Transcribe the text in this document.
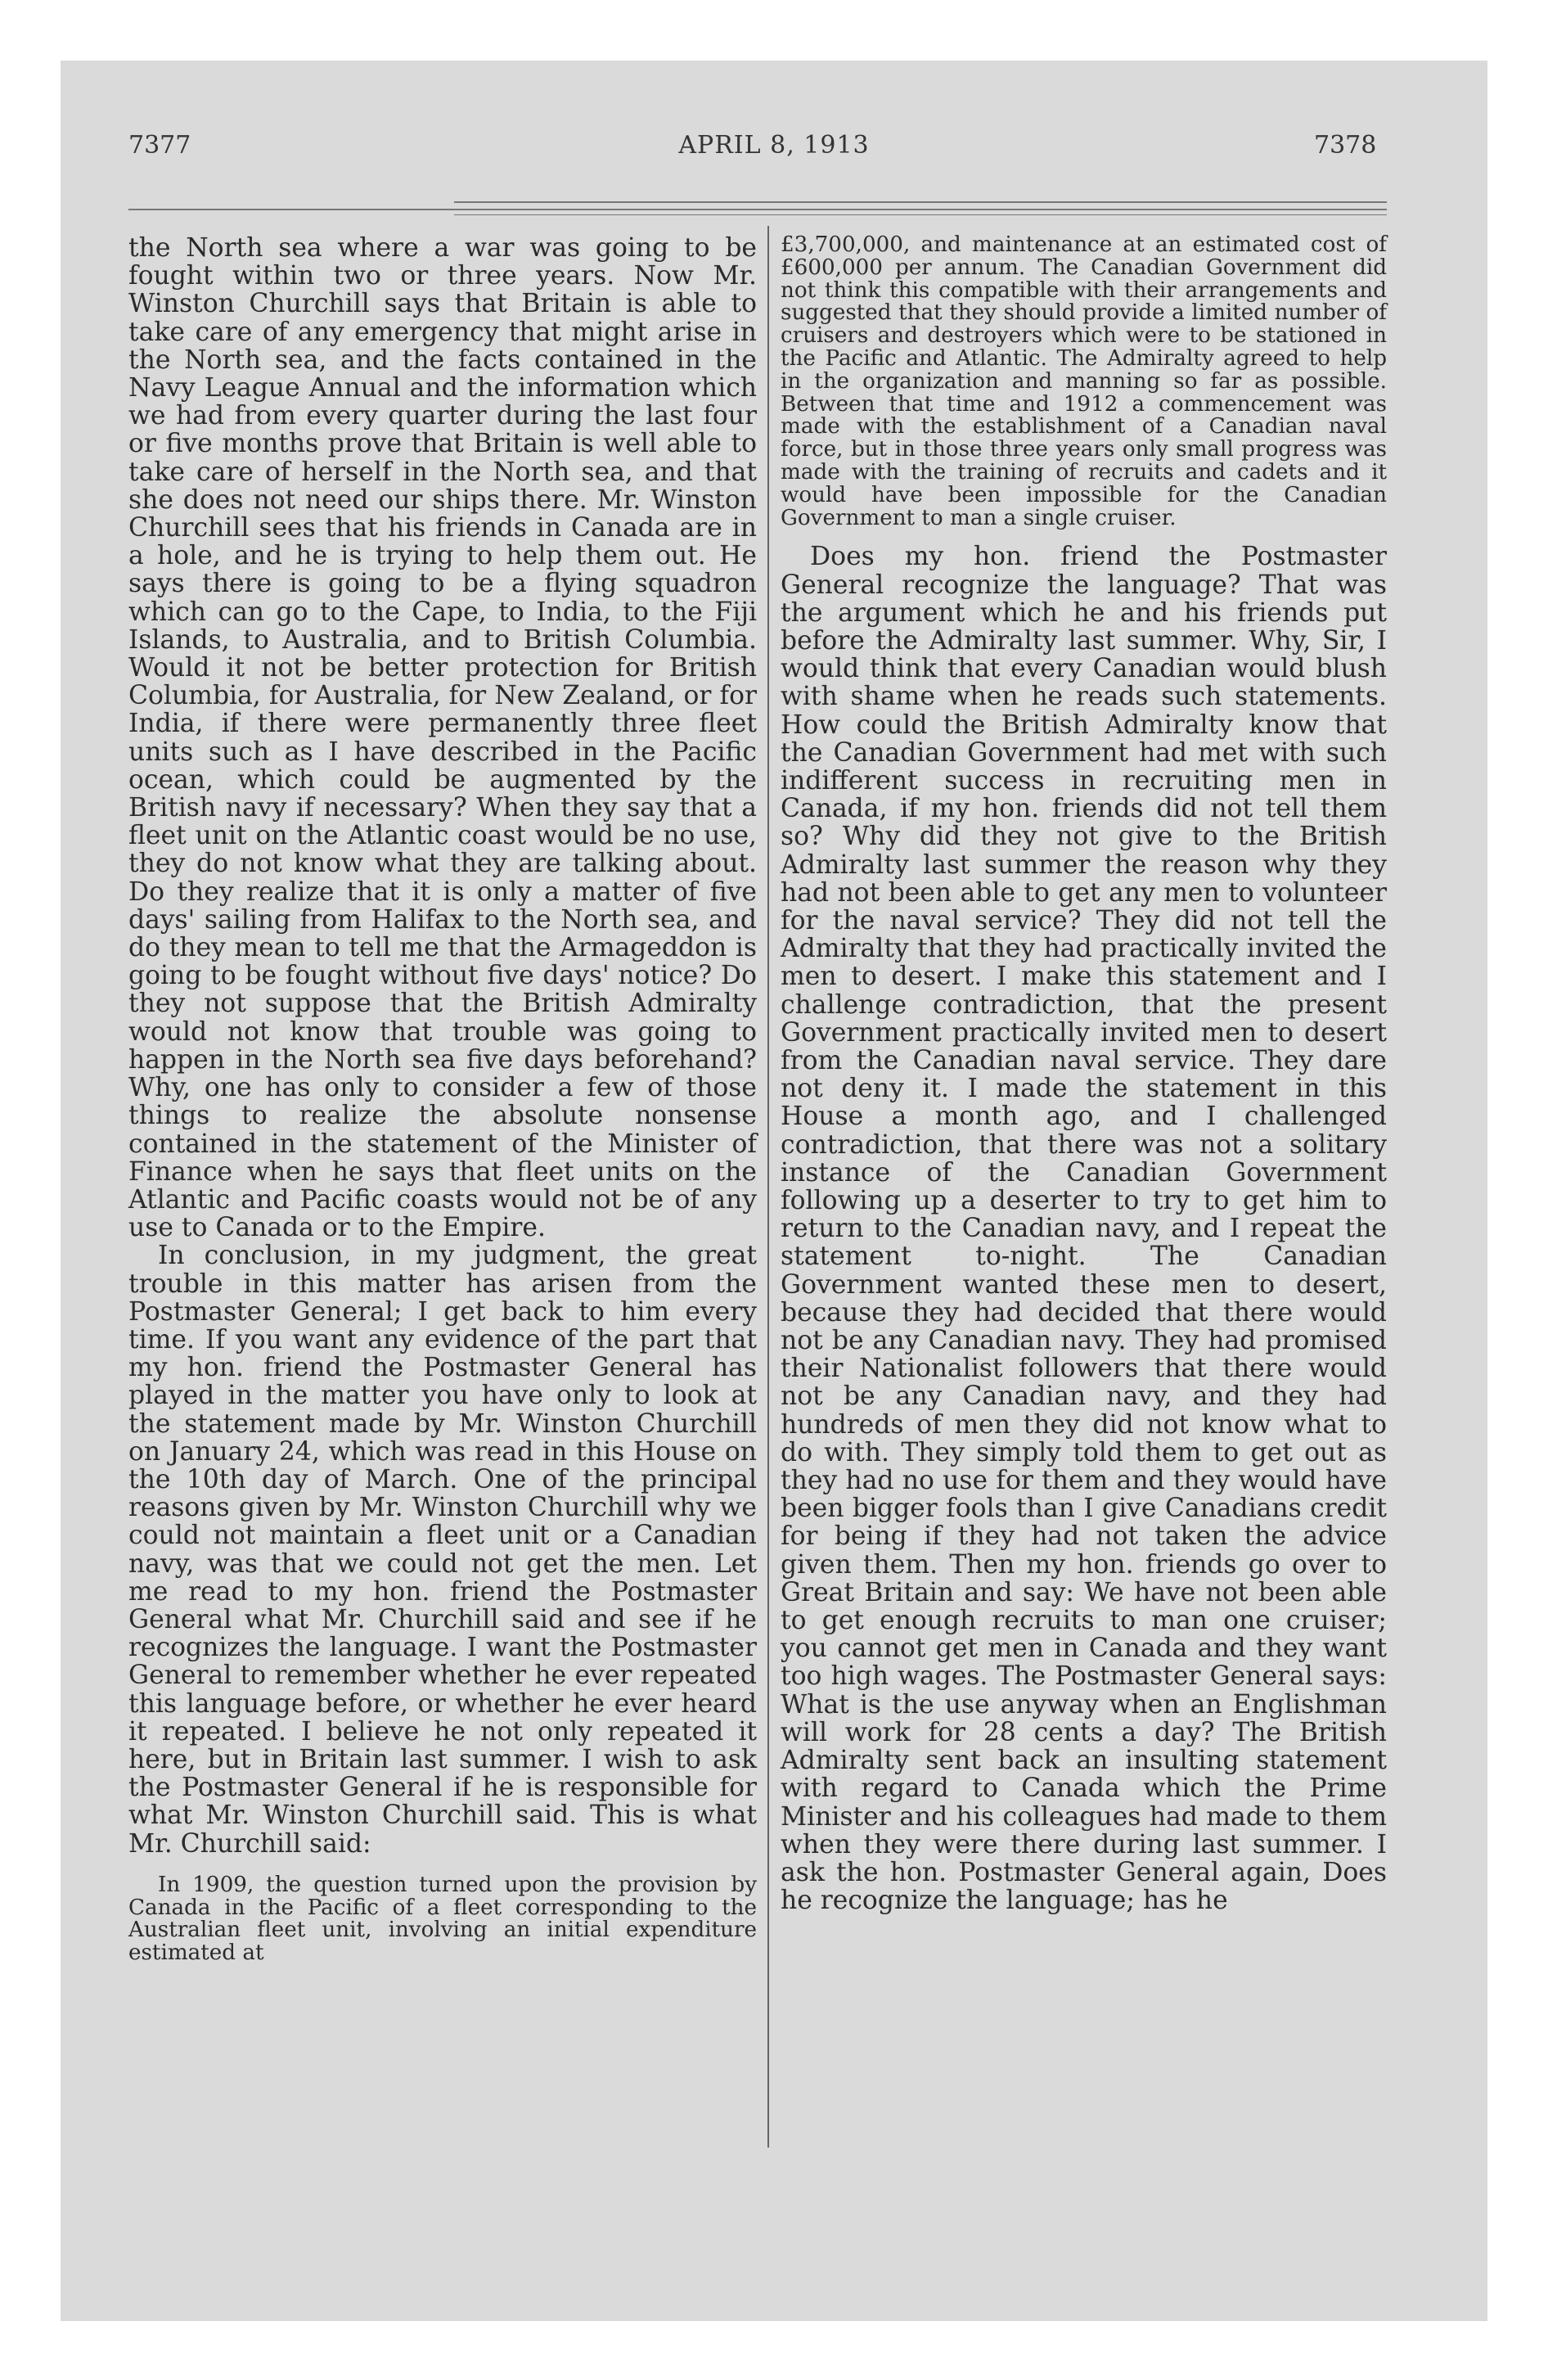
7377	APRIL 8, 1913	7378

the North sea where a war was going to be fought within two or three years. Now Mr. Winston Churchill says that Britain is able to take care of any emergency that might arise in the North sea, and the facts contained in the Navy League Annual and the information which we had from every quarter during the last four or five months prove that Britain is well able to take care of herself in the North sea, and that she does not need our ships there. Mr. Winston Churchill sees that his friends in Canada are in a hole, and he is trying to help them out. He says there is going to be a flying squadron which can go to the Cape, to India, to the Fiji Islands, to Australia, and to British Columbia. Would it not be better protection for British Columbia, for Australia, for New Zealand, or for India, if there were permanently three fleet units such as I have described in the Pacific ocean, which could be augmented by the British navy if necessary? When they say that a fleet unit on the Atlantic coast would be no use, they do not know what they are talking about. Do they realize that it is only a matter of five days' sailing from Halifax to the North sea, and do they mean to tell me that the Armageddon is going to be fought without five days' notice? Do they not suppose that the British Admiralty would not know that trouble was going to happen in the North sea five days beforehand? Why, one has only to consider a few of those things to realize the absolute nonsense contained in the statement of the Minister of Finance when he says that fleet units on the Atlantic and Pacific coasts would not be of any use to Canada or to the Empire.

In conclusion, in my judgment, the great trouble in this matter has arisen from the Postmaster General; I get back to him every time. If you want any evidence of the part that my hon. friend the Postmaster General has played in the matter you have only to look at the statement made by Mr. Winston Churchill on January 24, which was read in this House on the 10th day of March. One of the principal reasons given by Mr. Winston Churchill why we could not maintain a fleet unit or a Canadian navy, was that we could not get the men. Let me read to my hon. friend the Postmaster General what Mr. Churchill said and see if he recognizes the language. I want the Postmaster General to remember whether he ever repeated this language before, or whether he ever heard it repeated. I believe he not only repeated it here, but in Britain last summer. I wish to ask the Postmaster General if he is responsible for what Mr. Winston Churchill said. This is what Mr. Churchill said:

In 1909, the question turned upon the provision by Canada in the Pacific of a fleet corresponding to the Australian fleet unit, involving an initial expenditure estimated at

£3,700,000, and maintenance at an estimated cost of £600,000 per annum. The Canadian Government did not think this compatible with their arrangements and suggested that they should provide a limited number of cruisers and destroyers which were to be stationed in the Pacific and Atlantic. The Admiralty agreed to help in the organization and manning so far as possible. Between that time and 1912 a commencement was made with the establishment of a Canadian naval force, but in those three years only small progress was made with the training of recruits and cadets and it would have been impossible for the Canadian Government to man a single cruiser.

Does my hon. friend the Postmaster General recognize the language? That was the argument which he and his friends put before the Admiralty last summer. Why, Sir, I would think that every Canadian would blush with shame when he reads such statements. How could the British Admiralty know that the Canadian Government had met with such indifferent success in recruiting men in Canada, if my hon. friends did not tell them so? Why did they not give to the British Admiralty last summer the reason why they had not been able to get any men to volunteer for the naval service? They did not tell the Admiralty that they had practically invited the men to desert. I make this statement and I challenge contradiction, that the present Government practically invited men to desert from the Canadian naval service. They dare not deny it. I made the statement in this House a month ago, and I challenged contradiction, that there was not a solitary instance of the Canadian Government following up a deserter to try to get him to return to the Canadian navy, and I repeat the statement to-night. The Canadian Government wanted these men to desert, because they had decided that there would not be any Canadian navy. They had promised their Nationalist followers that there would not be any Canadian navy, and they had hundreds of men they did not know what to do with. They simply told them to get out as they had no use for them and they would have been bigger fools than I give Canadians credit for being if they had not taken the advice given them. Then my hon. friends go over to Great Britain and say: We have not been able to get enough recruits to man one cruiser; you cannot get men in Canada and they want too high wages. The Postmaster General says: What is the use anyway when an Englishman will work for 28 cents a day? The British Admiralty sent back an insulting statement with regard to Canada which the Prime Minister and his colleagues had made to them when they were there during last summer. I ask the hon. Postmaster General again, Does he recognize the language; has he
